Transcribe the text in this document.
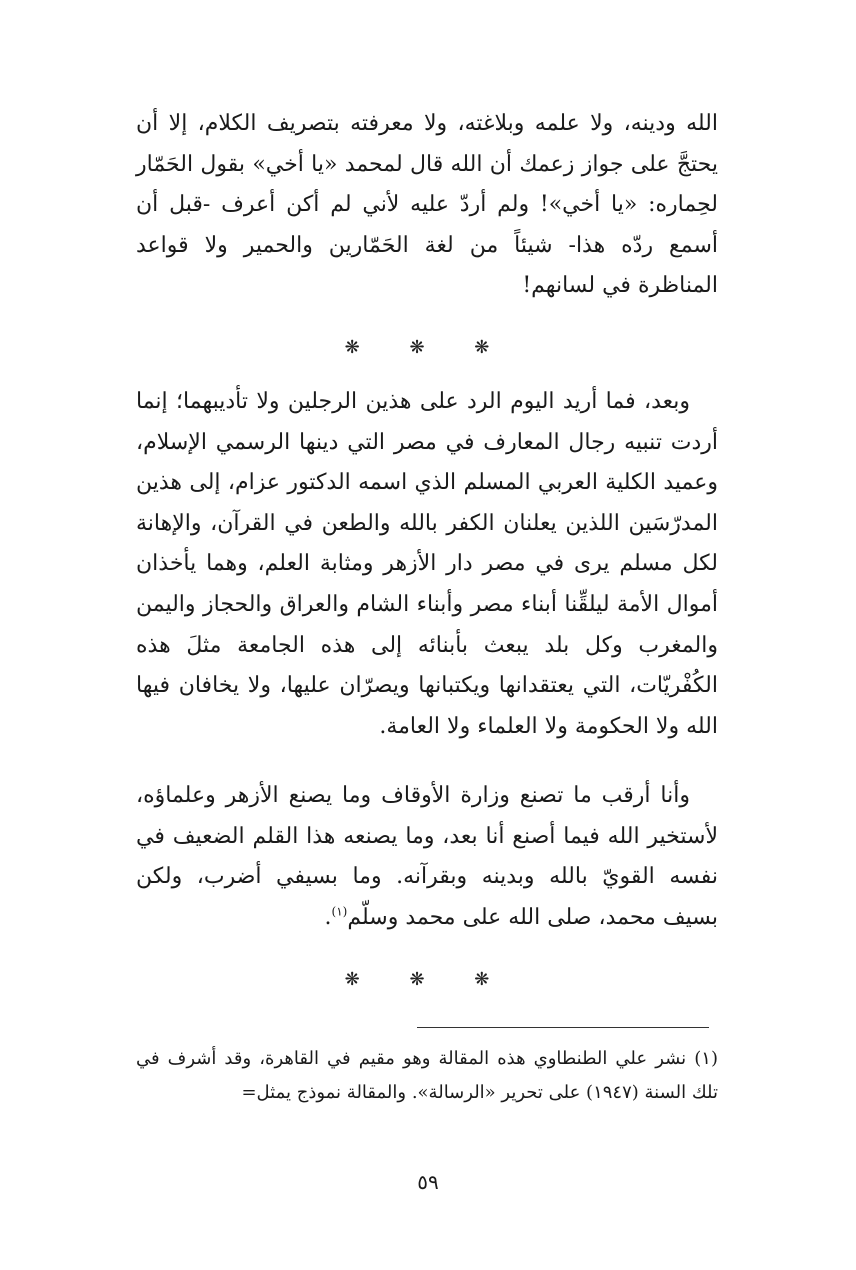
الله ودينه، ولا علمه وبلاغته، ولا معرفته بتصريف الكلام، إلا أن يحتجَّ على جواز زعمك أن الله قال لمحمد «يا أخي» بقول الحَمّار لحِماره: «يا أخي»! ولم أردّ عليه لأني لم أكن أعرف -قبل أن أسمع ردّه هذا- شيئاً من لغة الحَمّارين والحمير ولا قواعد المناظرة في لسانهم!

❋ ❋ ❋

وبعد، فما أريد اليوم الرد على هذين الرجلين ولا تأديبهما؛ إنما أردت تنبيه رجال المعارف في مصر التي دينها الرسمي الإسلام، وعميد الكلية العربي المسلم الذي اسمه الدكتور عزام، إلى هذين المدرّسَين اللذين يعلنان الكفر بالله والطعن في القرآن، والإهانة لكل مسلم يرى في مصر دار الأزهر ومثابة العلم، وهما يأخذان أموال الأمة ليلقِّنا أبناء مصر وأبناء الشام والعراق والحجاز واليمن والمغرب وكل بلد يبعث بأبنائه إلى هذه الجامعة مثلَ هذه الكُفْريّات، التي يعتقدانها ويكتبانها ويصرّان عليها، ولا يخافان فيها الله ولا الحكومة ولا العلماء ولا العامة.

وأنا أرقب ما تصنع وزارة الأوقاف وما يصنع الأزهر وعلماؤه، لأستخير الله فيما أصنع أنا بعد، وما يصنعه هذا القلم الضعيف في نفسه القويّ بالله وبدينه وبقرآنه. وما بسيفي أضرب، ولكن بسيف محمد، صلى الله على محمد وسلّم$^{(١)}$.

❋ ❋ ❋

(١) نشر علي الطنطاوي هذه المقالة وهو مقيم في القاهرة، وقد أشرف في تلك السنة (١٩٤٧) على تحرير «الرسالة». والمقالة نموذج يمثل=

٥٩
